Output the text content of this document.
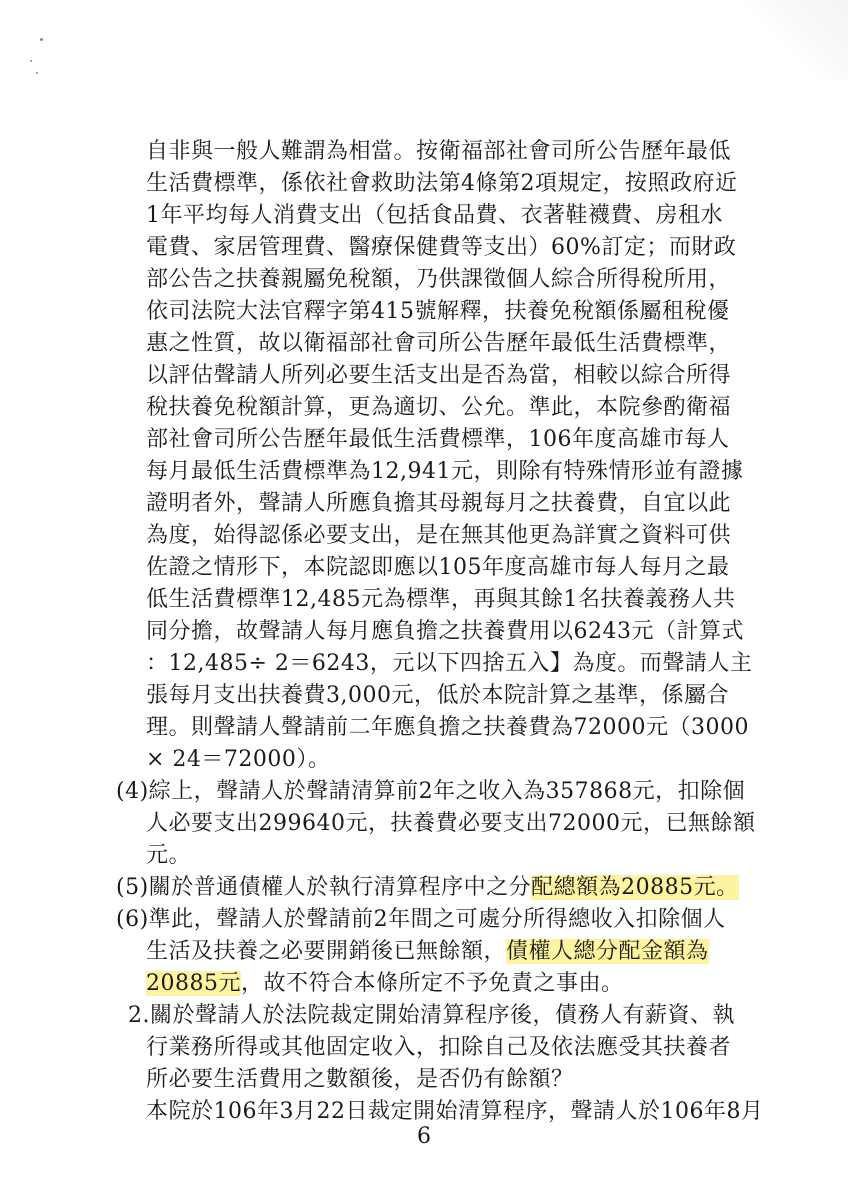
自非與一般人難謂為相當。按衛福部社會司所公告歷年最低
生活費標準，係依社會救助法第4條第2項規定，按照政府近
1年平均每人消費支出（包括食品費、衣著鞋襪費、房租水
電費、家居管理費、醫療保健費等支出）60%訂定；而財政
部公告之扶養親屬免稅額，乃供課徵個人綜合所得稅所用，
依司法院大法官釋字第415號解釋，扶養免稅額係屬租稅優
惠之性質，故以衛福部社會司所公告歷年最低生活費標準，
以評估聲請人所列必要生活支出是否為當，相較以綜合所得
稅扶養免稅額計算，更為適切、公允。準此，本院參酌衛福
部社會司所公告歷年最低生活費標準，106年度高雄市每人
每月最低生活費標準為12,941元，則除有特殊情形並有證據
證明者外，聲請人所應負擔其母親每月之扶養費，自宜以此
為度，始得認係必要支出，是在無其他更為詳實之資料可供
佐證之情形下，本院認即應以105年度高雄市每人每月之最
低生活費標準12,485元為標準，再與其餘1名扶養義務人共
同分擔，故聲請人每月應負擔之扶養費用以6243元（計算式
：12,485÷ 2＝6243，元以下四捨五入】為度。而聲請人主
張每月支出扶養費3,000元，低於本院計算之基準，係屬合
理。則聲請人聲請前二年應負擔之扶養費為72000元（3000
× 24＝72000）。
(4)綜上，聲請人於聲請清算前2年之收入為357868元，扣除個
人必要支出299640元，扶養費必要支出72000元，已無餘額
元。
(5)關於普通債權人於執行清算程序中之分配總額為20885元。
(6)準此，聲請人於聲請前2年間之可處分所得總收入扣除個人
生活及扶養之必要開銷後已無餘額，債權人總分配金額為
20885元，故不符合本條所定不予免責之事由。
2.關於聲請人於法院裁定開始清算程序後，債務人有薪資、執
行業務所得或其他固定收入，扣除自己及依法應受其扶養者
所必要生活費用之數額後，是否仍有餘額？
本院於106年3月22日裁定開始清算程序，聲請人於106年8月
6
